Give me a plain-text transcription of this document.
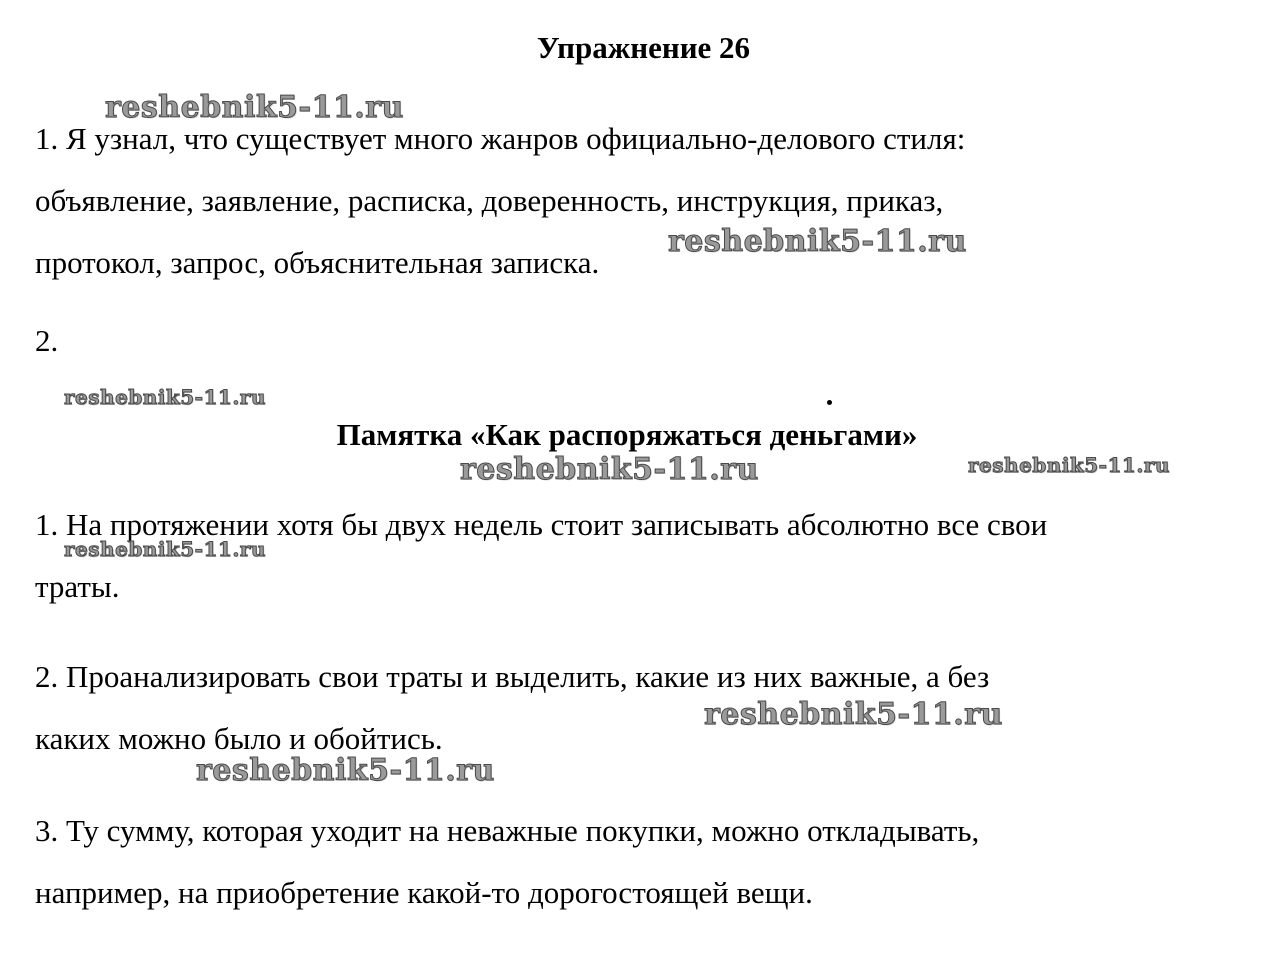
Упражнение 26
1. Я узнал, что существует много жанров официально-делового стиля:
объявление, заявление, расписка, доверенность, инструкция, приказ,
протокол, запрос, объяснительная записка.
2.
Памятка «Как распоряжаться деньгами»
1. На протяжении хотя бы двух недель стоит записывать абсолютно все свои
траты.
2. Проанализировать свои траты и выделить, какие из них важные, а без
каких можно было и обойтись.
3. Ту сумму, которая уходит на неважные покупки, можно откладывать,
например, на приобретение какой-то дорогостоящей вещи.
reshebnik5-11.ru
reshebnik5-11.ru
reshebnik5-11.ru
reshebnik5-11.ru	reshebnik5-11.ru
reshebnik5-11.ru
reshebnik5-11.ru
reshebnik5-11.ru
